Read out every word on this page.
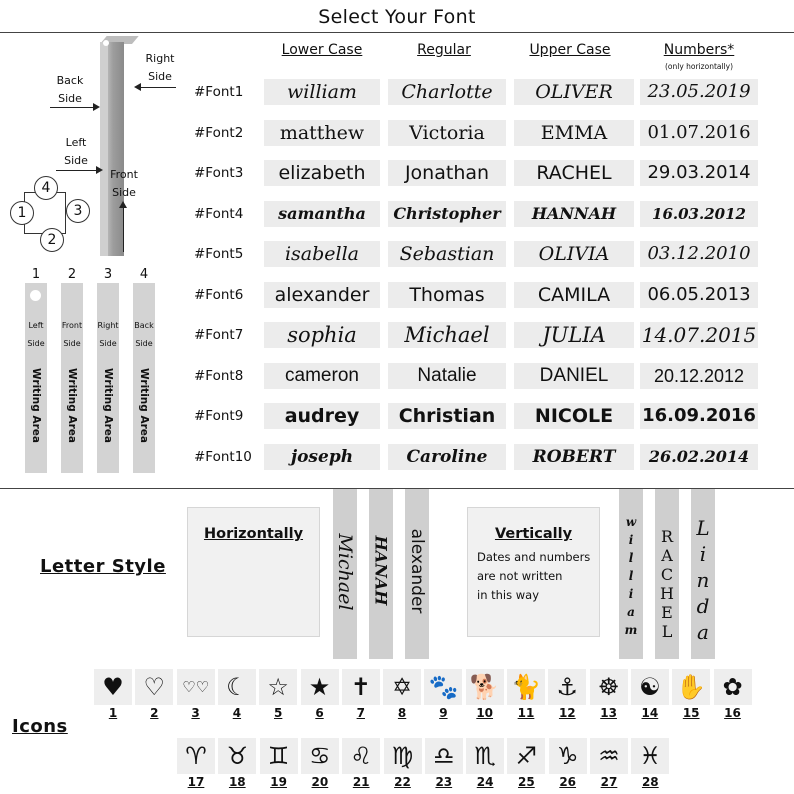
Select Your Font
Right Side
Back Side
Left Side
Front Side
4
1	3
2
1
Left
Side
Writing Area
2
Front
Side
Writing Area
3
Right
Side
Writing Area
4
Back
Side
Writing Area
Lower Case	Regular	Upper Case	Numbers*
(only horizontally)
#Font1	william	Charlotte	OLIVER	23.05.2019
#Font2	matthew	Victoria	EMMA	01.07.2016
#Font3	elizabeth	Jonathan	RACHEL	29.03.2014
#Font4	samantha	Christopher	HANNAH	16.03.2012
#Font5	isabella	Sebastian	OLIVIA	03.12.2010
#Font6	alexander	Thomas	CAMILA	06.05.2013
#Font7	sophia	Michael	JULIA	14.07.2015
#Font8	cameron	Natalie	DANIEL	20.12.2012
#Font9	audrey	Christian	NICOLE	16.09.2016
#Font10	joseph	Caroline	ROBERT	26.02.2014
Letter Style
Horizontally	Michael HANAH alexander	Vertically
Dates and numbers
are not written
in this way
w
i
l
l
i
a
m
R
A
C
H
E
L
L
i
n
d
a
Icons
♥
1
♡
2
♡♡
3
☾
4
☆
5
★
6
✝
7
✡
8
🐾
9
🐕
10
🐈
11
⚓
12
☸
13
☯
14
✋
15
✿
16
♈
17
♉
18
♊
19
♋
20
♌
21
♍
22
♎
23
♏
24
♐
25
♑
26
♒
27
♓
28
